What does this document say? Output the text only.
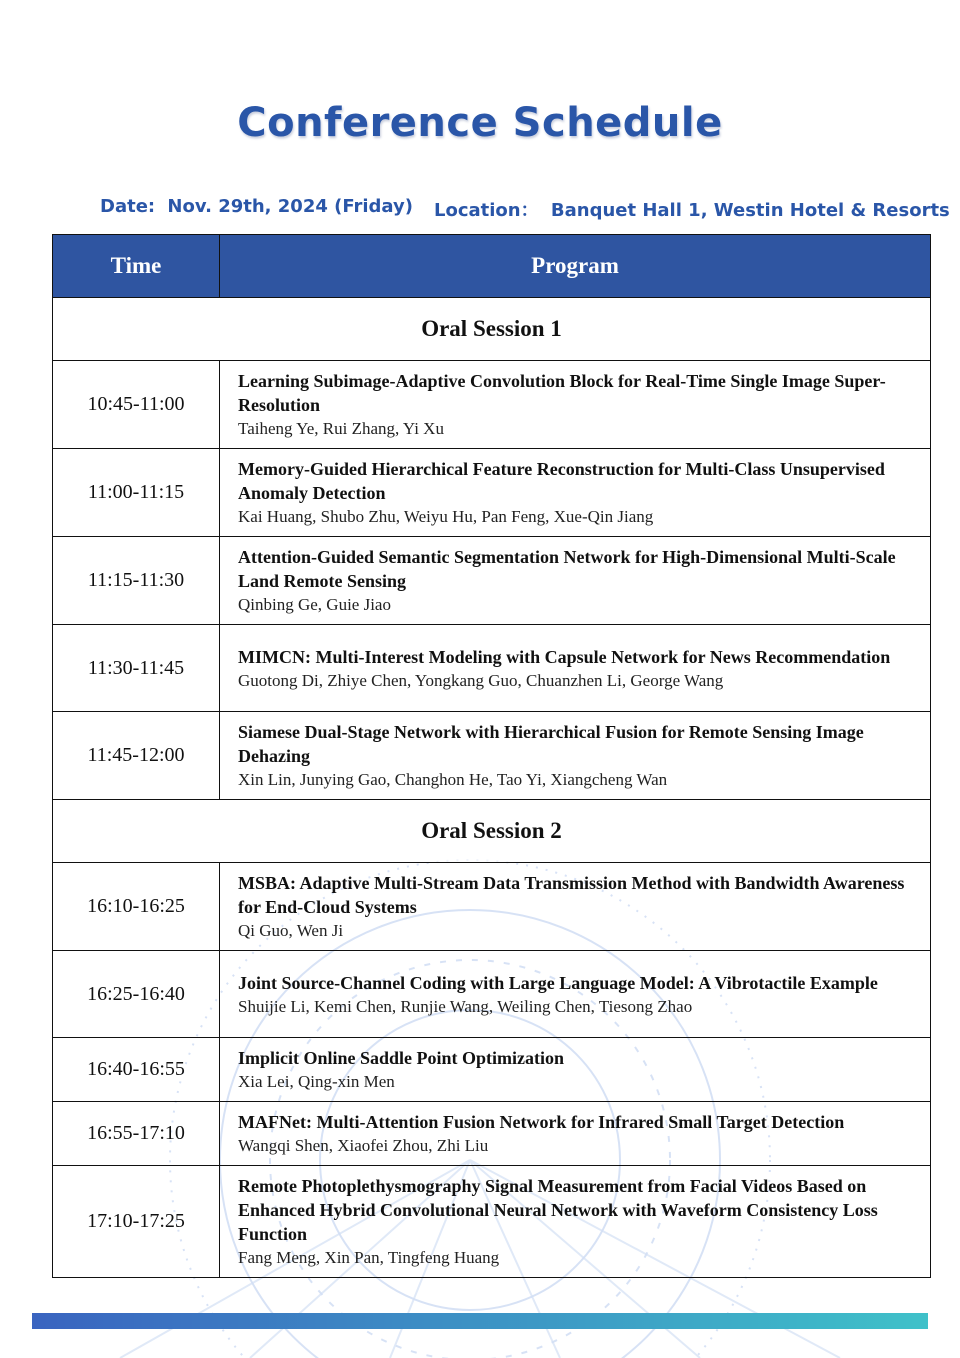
Conference Schedule
Date: Nov. 29th, 2024 (Friday) Location： Banquet Hall 1, Westin Hotel & Resorts
Time	Program
Oral Session 1	
10:45-11:00	Learning Subimage-Adaptive Convolution Block for Real-Time Single Image Super-Resolution
Taiheng Ye, Rui Zhang, Yi Xu

11:00-11:15	Memory-Guided Hierarchical Feature Reconstruction for Multi-Class Unsupervised Anomaly Detection
Kai Huang, Shubo Zhu, Weiyu Hu, Pan Feng, Xue-Qin Jiang

11:15-11:30	Attention-Guided Semantic Segmentation Network for High-Dimensional Multi-Scale Land Remote Sensing
Qinbing Ge, Guie Jiao

11:30-11:45	MIMCN: Multi-Interest Modeling with Capsule Network for News Recommendation
Guotong Di, Zhiye Chen, Yongkang Guo, Chuanzhen Li, George Wang

11:45-12:00	Siamese Dual-Stage Network with Hierarchical Fusion for Remote Sensing Image Dehazing
Xin Lin, Junying Gao, Changhon He, Tao Yi, Xiangcheng Wan

Oral Session 2	
16:10-16:25	MSBA: Adaptive Multi-Stream Data Transmission Method with Bandwidth Awareness for End-Cloud Systems
Qi Guo, Wen Ji

16:25-16:40	Joint Source-Channel Coding with Large Language Model: A Vibrotactile Example
Shuijie Li, Kemi Chen, Runjie Wang, Weiling Chen, Tiesong Zhao

16:40-16:55	Implicit Online Saddle Point Optimization
Xia Lei, Qing-xin Men

16:55-17:10	MAFNet: Multi-Attention Fusion Network for Infrared Small Target Detection
Wangqi Shen, Xiaofei Zhou, Zhi Liu

17:10-17:25	Remote Photoplethysmography Signal Measurement from Facial Videos Based on Enhanced Hybrid Convolutional Neural Network with Waveform Consistency Loss Function
Fang Meng, Xin Pan, Tingfeng Huang
